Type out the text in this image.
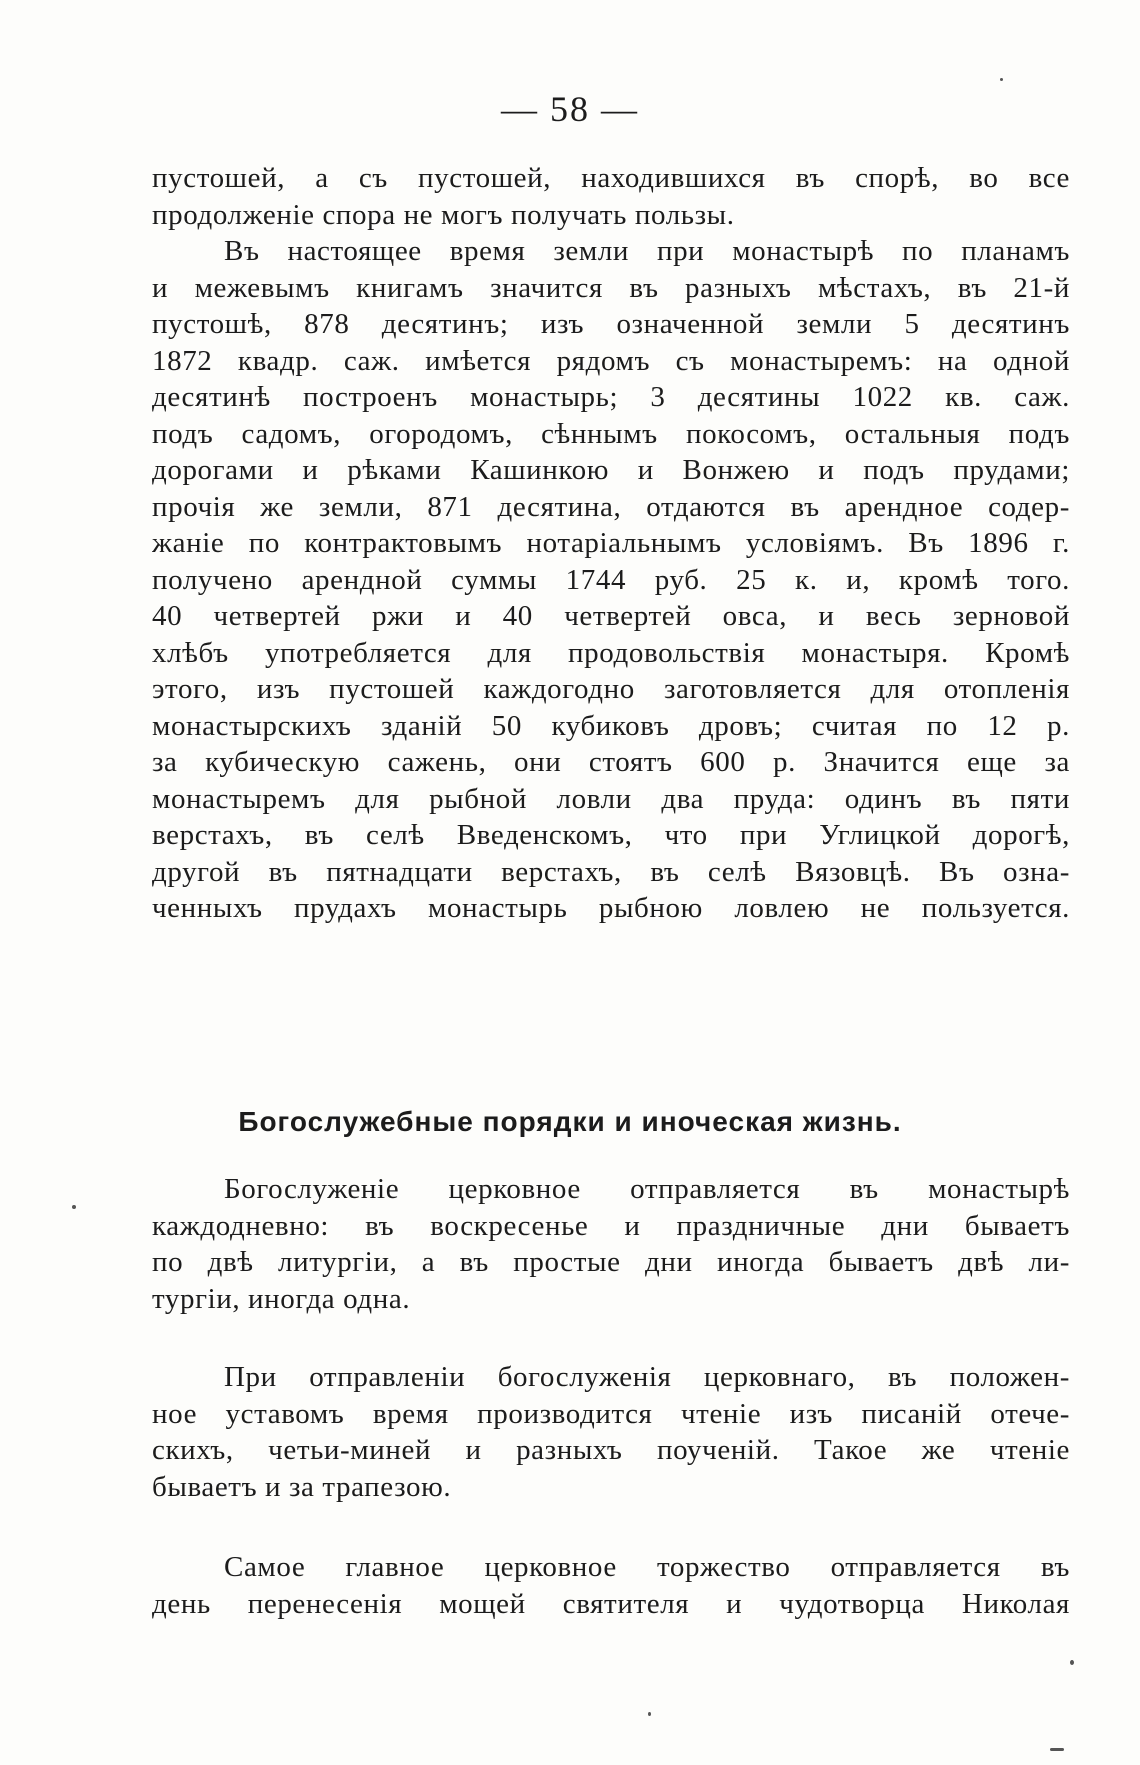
— 58 —
пустошей, а съ пустошей, находившихся въ спорѣ, во все
продолженіе спора не могъ получать пользы.
Въ настоящее время земли при монастырѣ по планамъ
и межевымъ книгамъ значится въ разныхъ мѣстахъ, въ 21-й
пустошѣ, 878 десятинъ; изъ означенной земли 5 десятинъ
1872 квадр. саж. имѣется рядомъ съ монастыремъ: на одной
десятинѣ построенъ монастырь; 3 десятины 1022 кв. саж.
подъ садомъ, огородомъ, сѣннымъ покосомъ, остальныя подъ
дорогами и рѣками Кашинкою и Вонжею и подъ прудами;
прочія же земли, 871 десятина, отдаются въ арендное содер-
жаніе по контрактовымъ нотаріальнымъ условіямъ. Въ 1896 г.
получено арендной суммы 1744 руб. 25 к. и, кромѣ того.
40 четвертей ржи и 40 четвертей овса, и весь зерновой
хлѣбъ употребляется для продовольствія монастыря. Кромѣ
этого, изъ пустошей каждогодно заготовляется для отопленія
монастырскихъ зданій 50 кубиковъ дровъ; считая по 12 р.
за кубическую сажень, они стоятъ 600 р. Значится еще за
монастыремъ для рыбной ловли два пруда: одинъ въ пяти
верстахъ, въ селѣ Введенскомъ, что при Углицкой дорогѣ,
другой въ пятнадцати верстахъ, въ селѣ Вязовцѣ. Въ озна-
ченныхъ прудахъ монастырь рыбною ловлею не пользуется.
Богослужебные порядки и иноческая жизнь.
Богослуженіе церковное отправляется въ монастырѣ
каждодневно: въ воскресенье и праздничные дни бываетъ
по двѣ литургіи, а въ простые дни иногда бываетъ двѣ ли-
тургіи, иногда одна.
При отправленіи богослуженія церковнаго, въ положен-
ное уставомъ время производится чтеніе изъ писаній отече-
скихъ, четьи-миней и разныхъ поученій. Такое же чтеніе
бываетъ и за трапезою.
Самое главное церковное торжество отправляется въ
день перенесенія мощей святителя и чудотворца Николая
